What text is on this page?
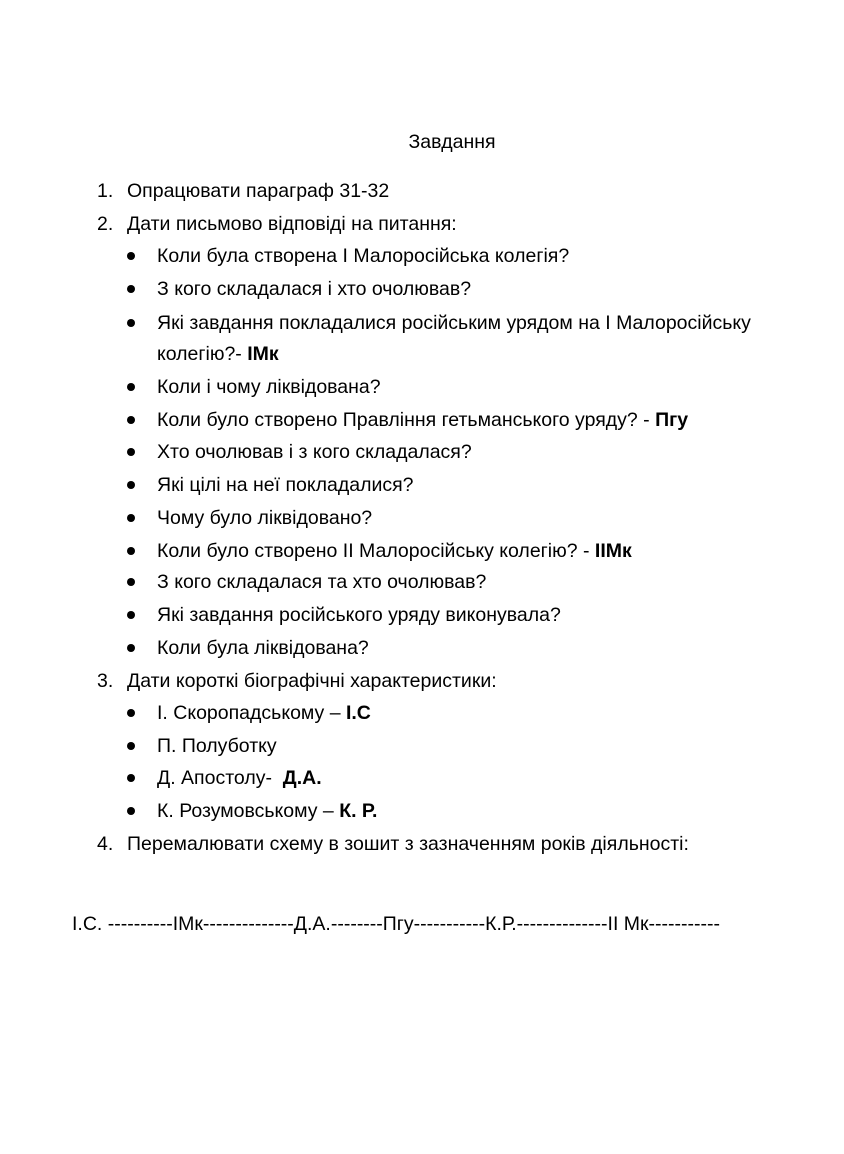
Завдання
1. Опрацювати параграф 31-32
2. Дати письмово відповіді на питання:
Коли була створена І Малоросійська колегія?
З кого складалася і хто очолював?
Які завдання покладалися російським урядом на І Малоросійську
колегію?- ІМк
Коли і чому ліквідована?
Коли було створено Правління гетьманського уряду? - Пгу
Хто очолював і з кого складалася?
Які цілі на неї покладалися?
Чому було ліквідовано?
Коли було створено ІІ Малоросійську колегію? - ІІМк
З кого складалася та хто очолював?
Які завдання російського уряду виконувала?
Коли була ліквідована?
3. Дати короткі біографічні характеристики:
І. Скоропадському – І.С
П. Полуботку
Д. Апостолу-  Д.А.
К. Розумовському – К. Р.
4. Перемалювати схему в зошит з зазначенням років діяльності:
І.С. ----------ІМк--------------Д.А.--------Пгу-----------К.Р.--------------ІІ Мк-----------
